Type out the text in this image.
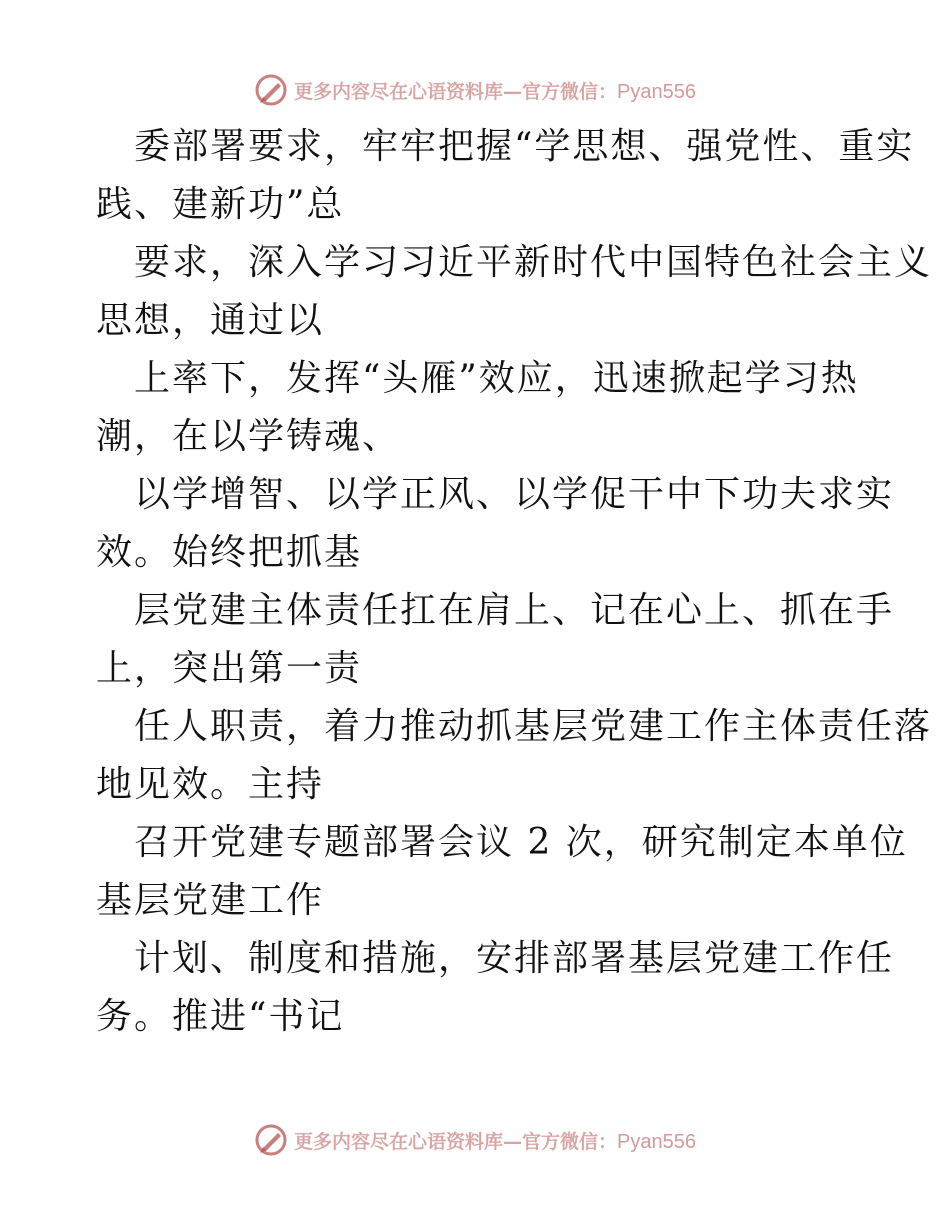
更多内容尽在心语资料库—官方微信：Pyan556
委部署要求，牢牢把握“学思想、强党性、重实
践、建新功”总
要求，深入学习习近平新时代中国特色社会主义
思想，通过以
上率下，发挥“头雁”效应，迅速掀起学习热
潮，在以学铸魂、
以学增智、以学正风、以学促干中下功夫求实
效。始终把抓基
层党建主体责任扛在肩上、记在心上、抓在手
上，突出第一责
任人职责，着力推动抓基层党建工作主体责任落
地见效。主持
召开党建专题部署会议 2 次，研究制定本单位
基层党建工作
计划、制度和措施，安排部署基层党建工作任
务。推进“书记
更多内容尽在心语资料库—官方微信：Pyan556
